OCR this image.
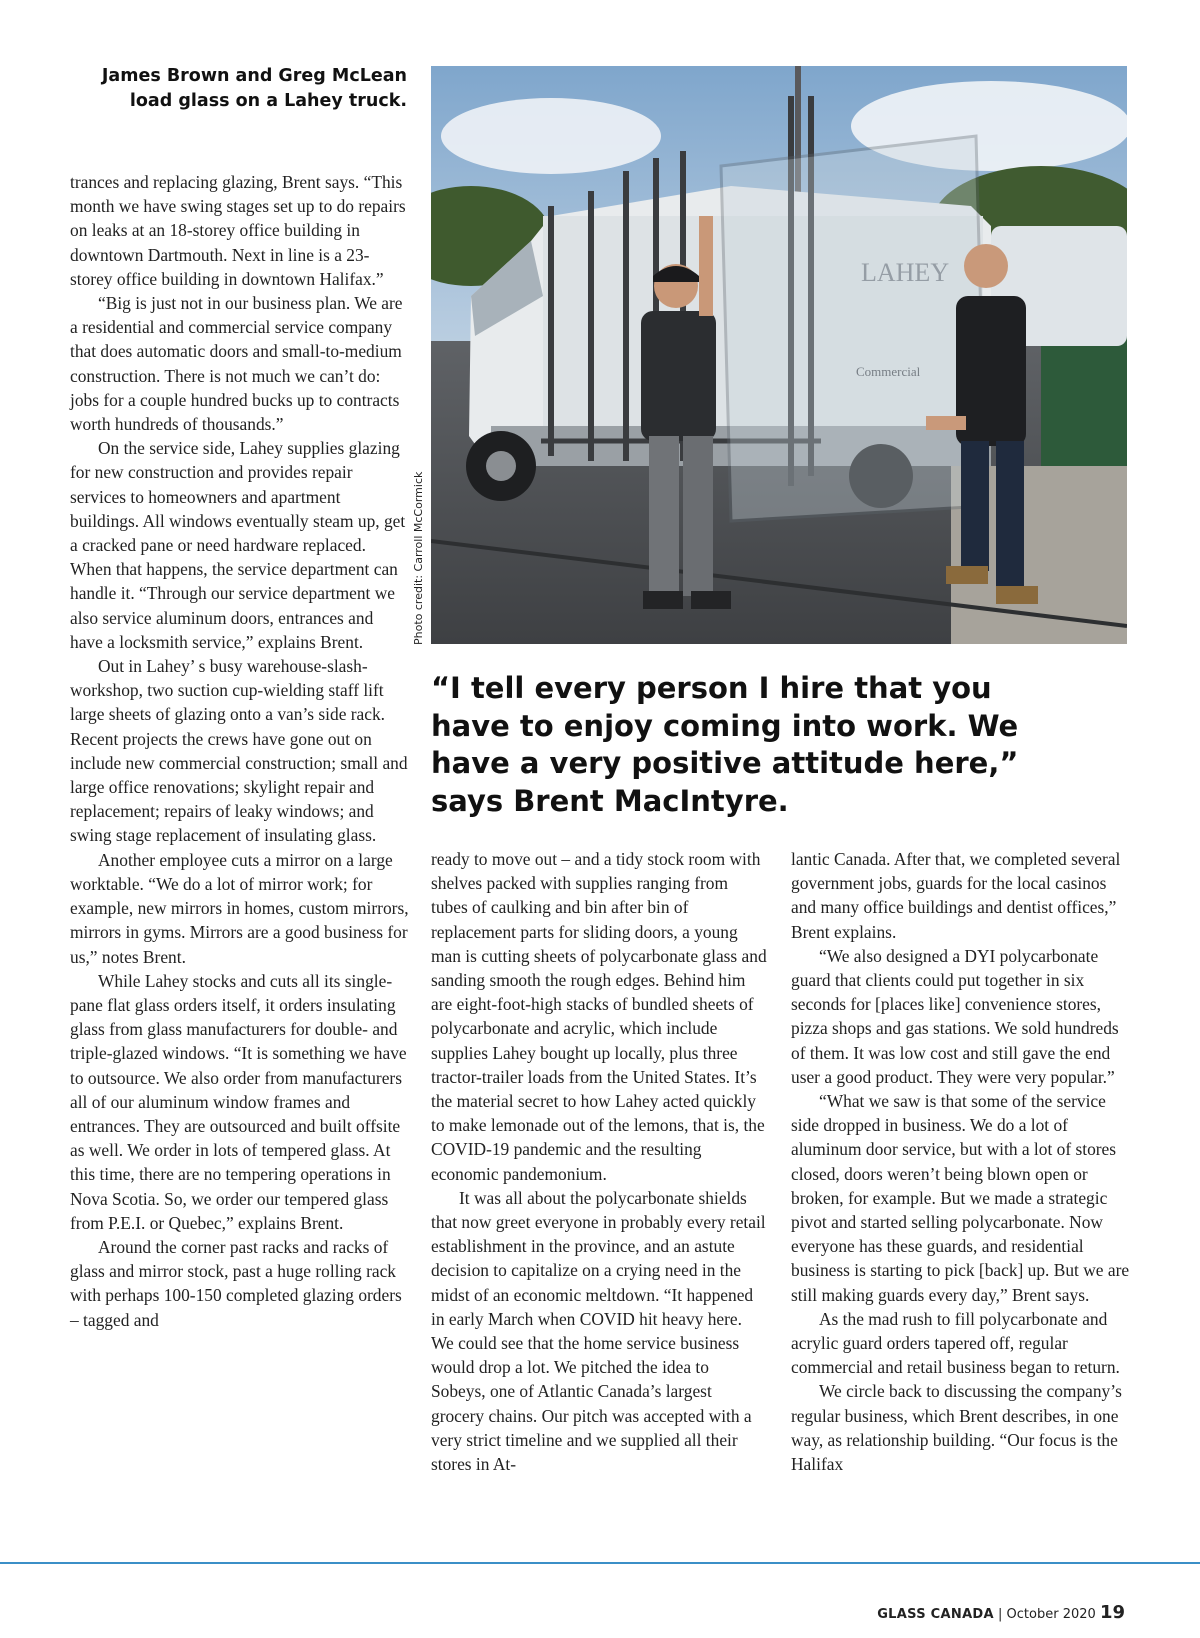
James Brown and Greg McLean
load glass on a Lahey truck.

trances and replacing glazing, Brent says. “This month we have swing stages set up to do repairs on leaks at an 18-storey office building in downtown Dartmouth. Next in line is a 23-storey office building in downtown Halifax.”

“Big is just not in our business plan. We are a residential and commercial service company that does automatic doors and small-to-medium construction. There is not much we can’t do: jobs for a couple hundred bucks up to contracts worth hundreds of thousands.”

On the service side, Lahey supplies glazing for new construction and provides repair services to homeowners and apartment buildings. All windows eventually steam up, get a cracked pane or need hardware replaced. When that happens, the service department can handle it. “Through our service department we also service aluminum doors, entrances and have a locksmith service,” explains Brent.

Out in Lahey’ s busy warehouse-slash-workshop, two suction cup-wielding staff lift large sheets of glazing onto a van’s side rack. Recent projects the crews have gone out on include new commercial construction; small and large office renovations; skylight repair and replacement; repairs of leaky windows; and swing stage replacement of insulating glass.

Another employee cuts a mirror on a large worktable. “We do a lot of mirror work; for example, new mirrors in homes, custom mirrors, mirrors in gyms. Mirrors are a good business for us,” notes Brent.

While Lahey stocks and cuts all its single-pane flat glass orders itself, it orders insulating glass from glass manufacturers for double- and triple-glazed windows. “It is something we have to outsource. We also order from manufacturers all of our aluminum window frames and entrances. They are outsourced and built offsite as well. We order in lots of tempered glass. At this time, there are no tempering operations in Nova Scotia. So, we order our tempered glass from P.E.I. or Quebec,” explains Brent.

Around the corner past racks and racks of glass and mirror stock, past a huge rolling rack with perhaps 100-150 completed glazing orders – tagged and

LAHEY
Commercial
Photo credit: Carroll McCormick
“I tell every person I hire that you
have to enjoy coming into work. We
have a very positive attitude here,”
says Brent MacIntyre.

ready to move out – and a tidy stock room with shelves packed with supplies ranging from tubes of caulking and bin after bin of replacement parts for sliding doors, a young man is cutting sheets of polycarbonate glass and sanding smooth the rough edges. Behind him are eight-foot-high stacks of bundled sheets of polycarbonate and acrylic, which include supplies Lahey bought up locally, plus three tractor-trailer loads from the United States. It’s the material secret to how Lahey acted quickly to make lemonade out of the lemons, that is, the COVID-19 pandemic and the resulting economic pandemonium.

It was all about the polycarbonate shields that now greet everyone in probably every retail establishment in the province, and an astute decision to capitalize on a crying need in the midst of an economic meltdown. “It happened in early March when COVID hit heavy here. We could see that the home service business would drop a lot. We pitched the idea to Sobeys, one of Atlantic Canada’s largest grocery chains. Our pitch was accepted with a very strict timeline and we supplied all their stores in At-

lantic Canada. After that, we completed several government jobs, guards for the local casinos and many office buildings and dentist offices,” Brent explains.

“We also designed a DYI polycarbonate guard that clients could put together in six seconds for [places like] convenience stores, pizza shops and gas stations. We sold hundreds of them. It was low cost and still gave the end user a good product. They were very popular.”

“What we saw is that some of the service side dropped in business. We do a lot of aluminum door service, but with a lot of stores closed, doors weren’t being blown open or broken, for example. But we made a strategic pivot and started selling polycarbonate. Now everyone has these guards, and residential business is starting to pick [back] up. But we are still making guards every day,” Brent says.

As the mad rush to fill polycarbonate and acrylic guard orders tapered off, regular commercial and retail business began to return.

We circle back to discussing the company’s regular business, which Brent describes, in one way, as relationship building. “Our focus is the Halifax

GLASS CANADA | October 2020 19
